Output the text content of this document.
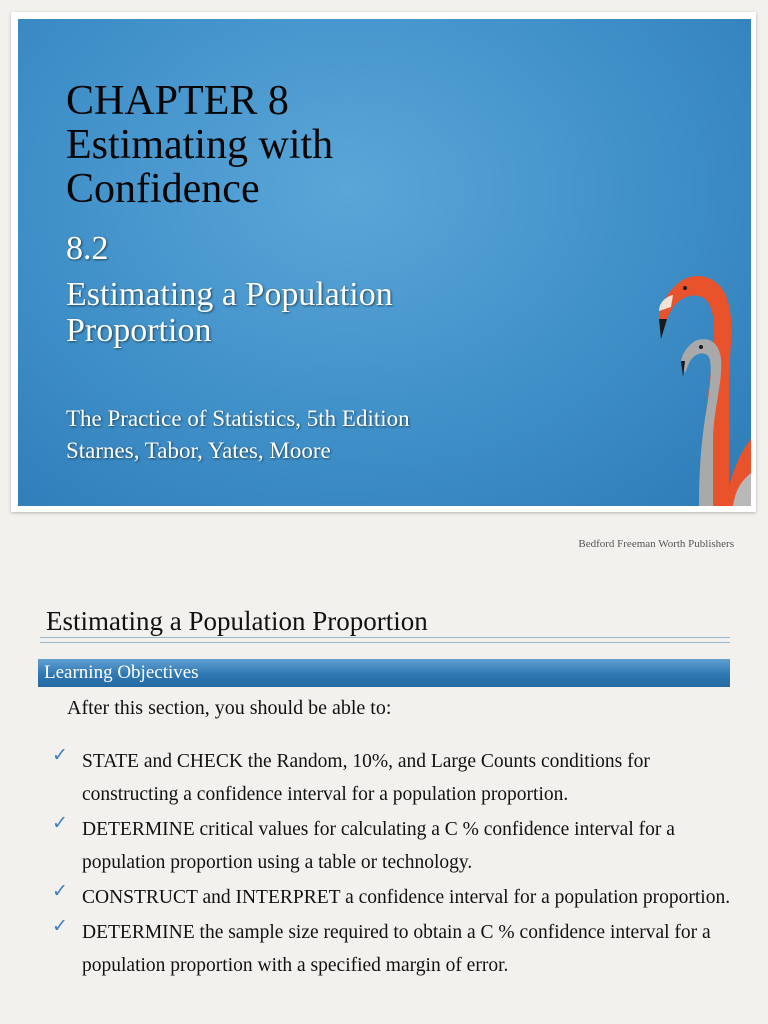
CHAPTER 8
Estimating with
Confidence
8.2
Estimating a Population
Proportion
The Practice of Statistics, 5th Edition
Starnes, Tabor, Yates, Moore
Bedford Freeman Worth Publishers
Estimating a Population Proportion
Learning Objectives
After this section, you should be able to:
✓ STATE and CHECK the Random, 10%, and Large Counts conditions for constructing a confidence interval for a population proportion.
✓ DETERMINE critical values for calculating a C % confidence interval for a population proportion using a table or technology.
✓ CONSTRUCT and INTERPRET a confidence interval for a population proportion.
✓ DETERMINE the sample size required to obtain a C % confidence interval for a population proportion with a specified margin of error.
